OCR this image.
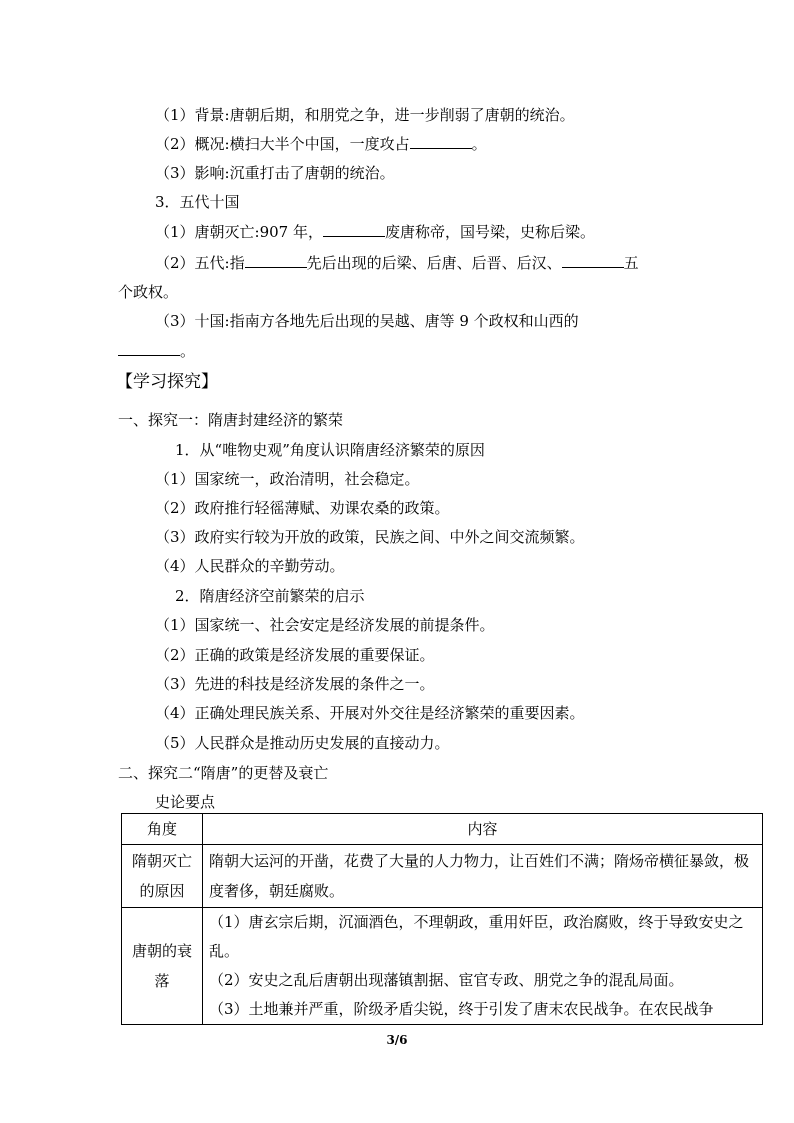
（1）背景:唐朝后期，和朋党之争，进一步削弱了唐朝的统治。
（2）概况:横扫大半个中国，一度攻占	。
（3）影响:沉重打击了唐朝的统治。
3．五代十国
（1）唐朝灭亡:907 年，	废唐称帝，国号梁，史称后梁。
（2）五代:指	先后出现的后梁、后唐、后晋、后汉、	五
个政权。
（3）十国:指南方各地先后出现的吴越、唐等 9 个政权和山西的
。
【学习探究】
一、探究一：隋唐封建经济的繁荣
1．从“唯物史观”角度认识隋唐经济繁荣的原因
（1）国家统一，政治清明，社会稳定。
（2）政府推行轻徭薄赋、劝课农桑的政策。
（3）政府实行较为开放的政策，民族之间、中外之间交流频繁。
（4）人民群众的辛勤劳动。
2．隋唐经济空前繁荣的启示
（1）国家统一、社会安定是经济发展的前提条件。
（2）正确的政策是经济发展的重要保证。
（3）先进的科技是经济发展的条件之一。
（4）正确处理民族关系、开展对外交往是经济繁荣的重要因素。
（5）人民群众是推动历史发展的直接动力。
二、探究二“隋唐”的更替及衰亡
史论要点
角度	内容
隋朝灭亡的原因	隋朝大运河的开凿，花费了大量的人力物力，让百姓们不满；隋炀帝横征暴敛，极度奢侈，朝廷腐败。
唐朝的衰落	（1）唐玄宗后期，沉湎酒色，不理朝政，重用奸臣，政治腐败，终于导致安史之乱。
（2）安史之乱后唐朝出现藩镇割据、宦官专政、朋党之争的混乱局面。
（3）土地兼并严重，阶级矛盾尖锐，终于引发了唐末农民战争。在农民战争
3/6
